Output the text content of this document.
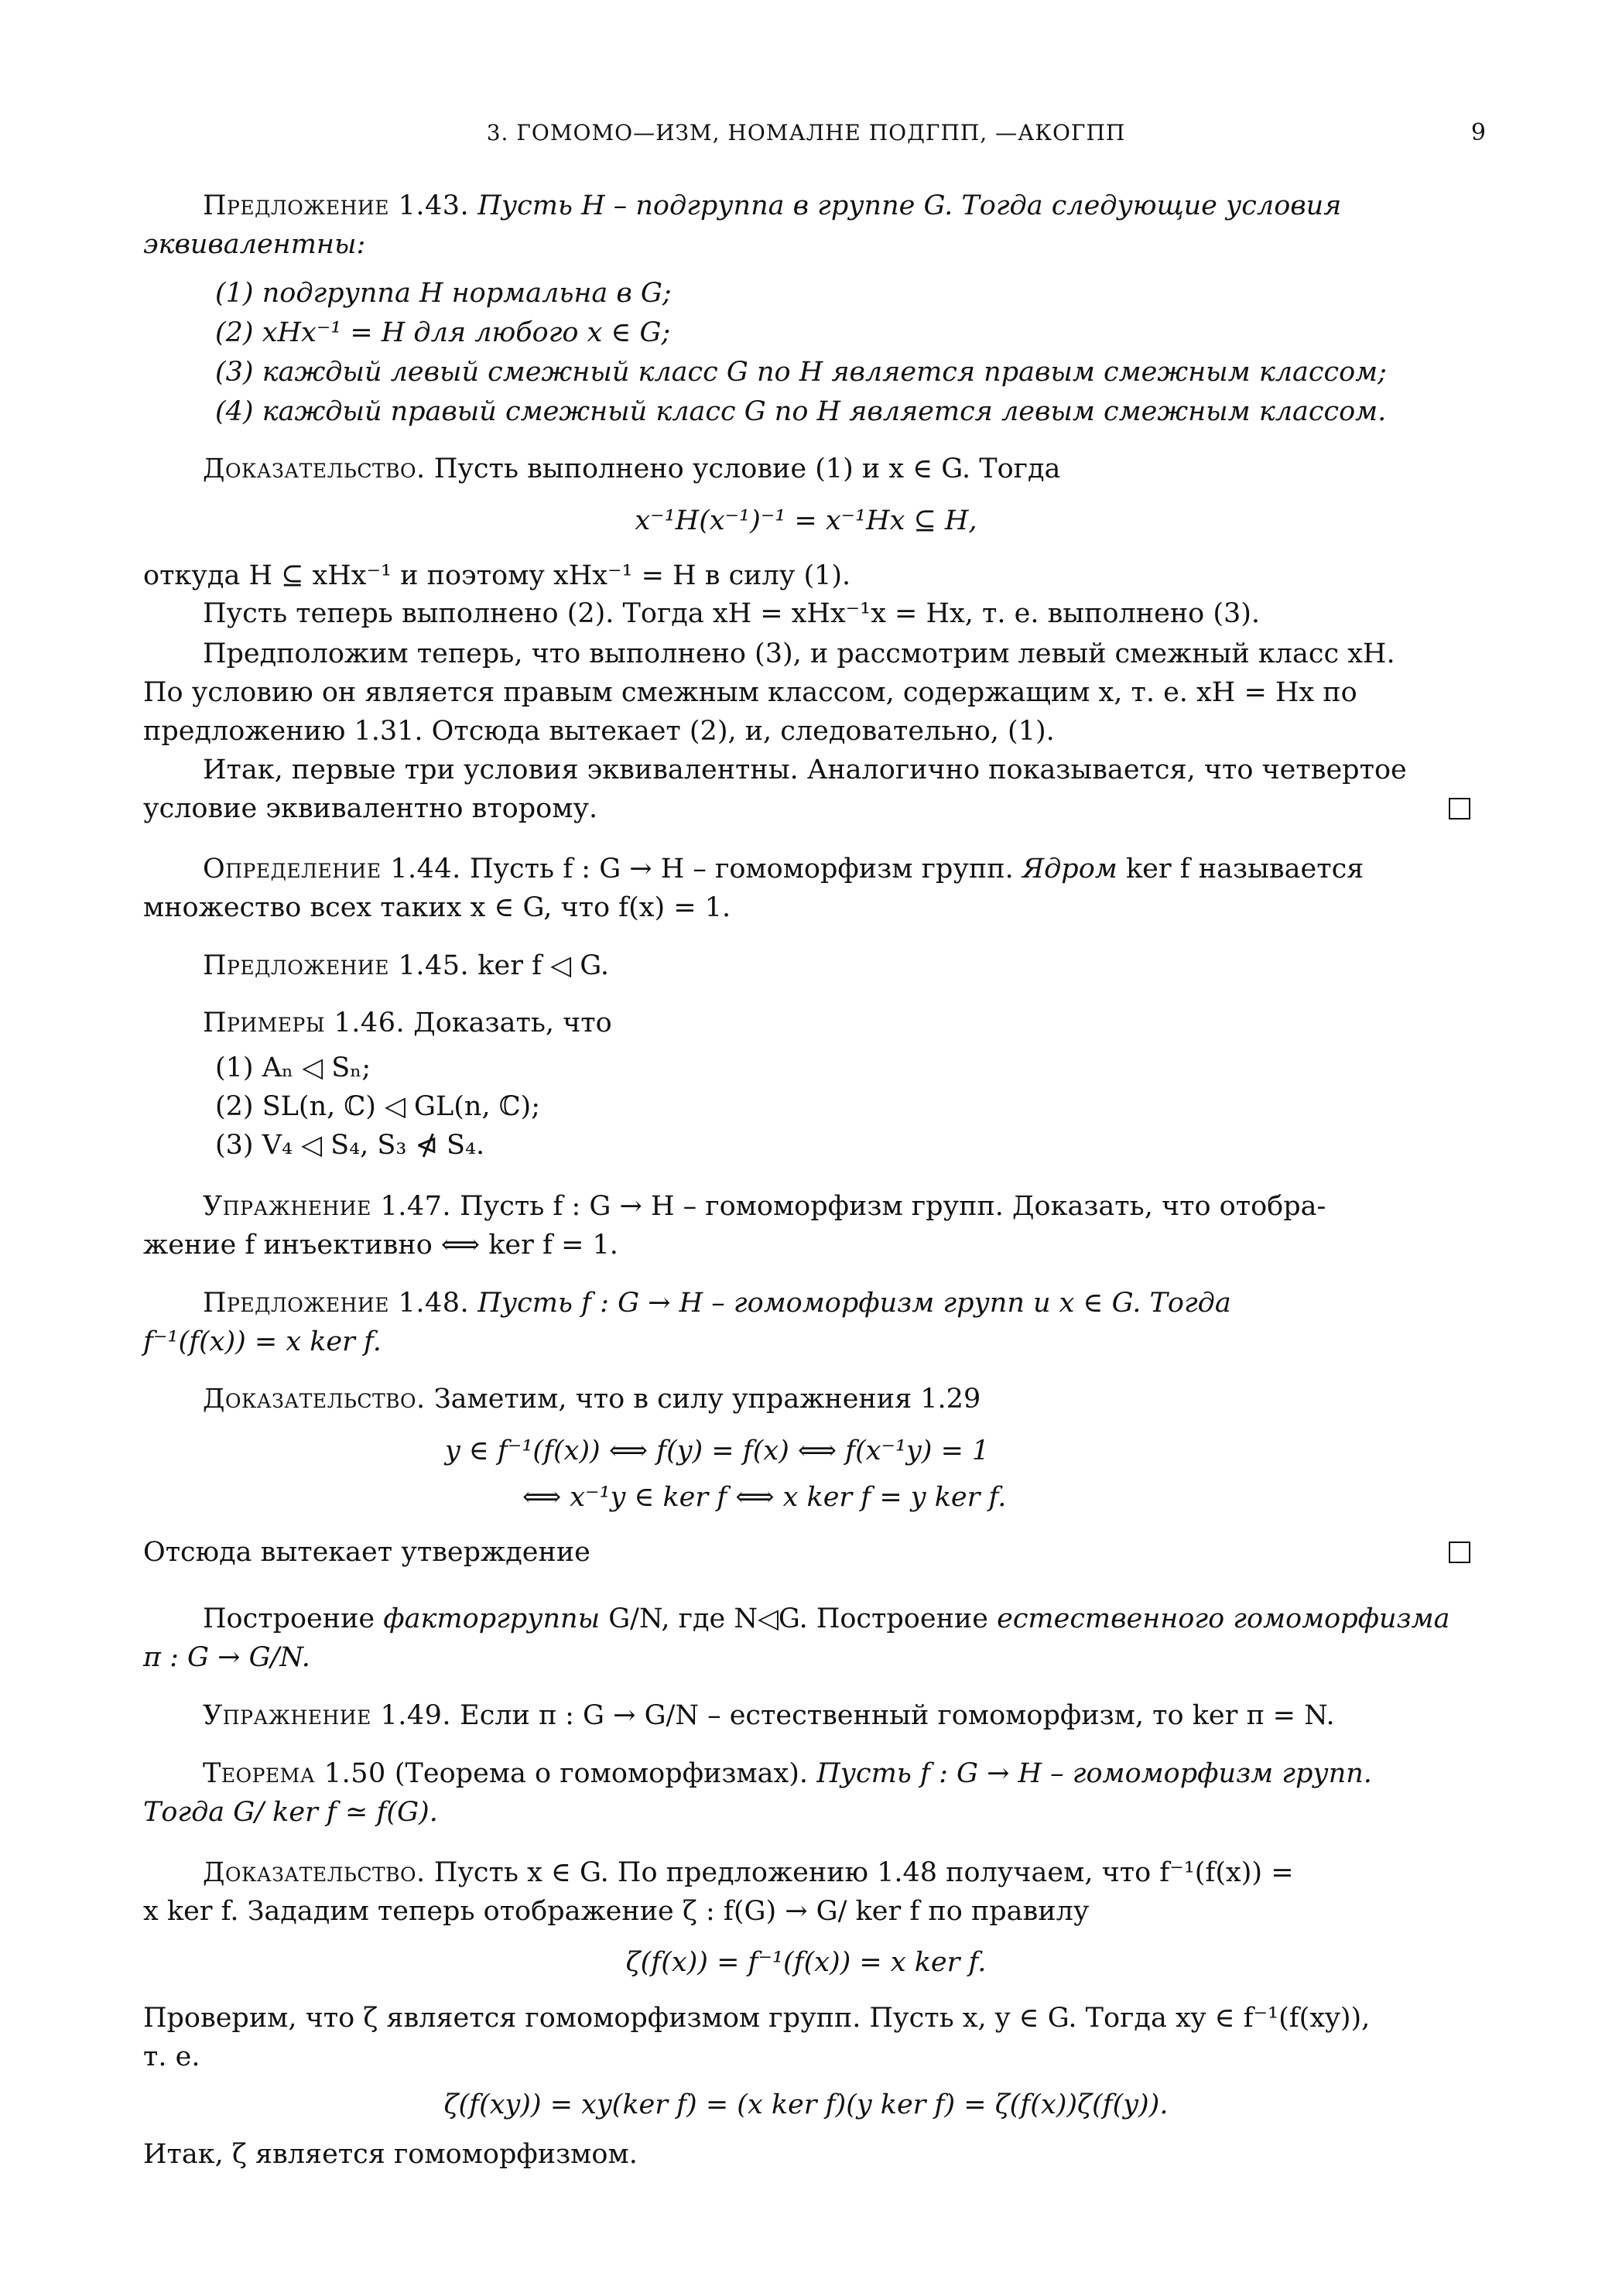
3. ГОМОМО—ИЗМ, НОМАЛНЕ ПОДГПП, —АКОГПП	9
Предложение 1.43. Пусть H – подгруппа в группе G. Тогда следующие условия
эквивалентны:
(1) подгруппа H нормальна в G;
(2) xHx⁻¹ = H для любого x ∈ G;
(3) каждый левый смежный класс G по H является правым смежным классом;
(4) каждый правый смежный класс G по H является левым смежным классом.
Доказательство. Пусть выполнено условие (1) и x ∈ G. Тогда
x⁻¹H(x⁻¹)⁻¹ = x⁻¹Hx ⊆ H,
откуда H ⊆ xHx⁻¹ и поэтому xHx⁻¹ = H в силу (1).
Пусть теперь выполнено (2). Тогда xH = xHx⁻¹x = Hx, т. е. выполнено (3).
Предположим теперь, что выполнено (3), и рассмотрим левый смежный класс xH.
По условию он является правым смежным классом, содержащим x, т. е. xH = Hx по
предложению 1.31. Отсюда вытекает (2), и, следовательно, (1).
Итак, первые три условия эквивалентны. Аналогично показывается, что четвертое
условие эквивалентно второму.
Определение 1.44. Пусть f : G → H – гомоморфизм групп. Ядром ker f называется
множество всех таких x ∈ G, что f(x) = 1.
Предложение 1.45. ker f ◁ G.
Примеры 1.46. Доказать, что
(1) Aₙ ◁ Sₙ;
(2) SL(n, ℂ) ◁ GL(n, ℂ);
(3) V₄ ◁ S₄, S₃ ⋪ S₄.
Упражнение 1.47. Пусть f : G → H – гомоморфизм групп. Доказать, что отобра-
жение f инъективно ⟺ ker f = 1.
Предложение 1.48. Пусть f : G → H – гомоморфизм групп и x ∈ G. Тогда
f⁻¹(f(x)) = x ker f.
Доказательство. Заметим, что в силу упражнения 1.29
y ∈ f⁻¹(f(x)) ⟺ f(y) = f(x) ⟺ f(x⁻¹y) = 1
⟺ x⁻¹y ∈ ker f ⟺ x ker f = y ker f.
Отсюда вытекает утверждение
Построение факторгруппы G/N, где N◁G. Построение естественного гомоморфизма
π : G → G/N.
Упражнение 1.49. Если π : G → G/N – естественный гомоморфизм, то ker π = N.
Теорема 1.50 (Теорема о гомоморфизмах). Пусть f : G → H – гомоморфизм групп.
Тогда G/ ker f ≃ f(G).
Доказательство. Пусть x ∈ G. По предложению 1.48 получаем, что f⁻¹(f(x)) =
x ker f. Зададим теперь отображение ζ : f(G) → G/ ker f по правилу
ζ(f(x)) = f⁻¹(f(x)) = x ker f.
Проверим, что ζ является гомоморфизмом групп. Пусть x, y ∈ G. Тогда xy ∈ f⁻¹(f(xy)),
т. е.
ζ(f(xy)) = xy(ker f) = (x ker f)(y ker f) = ζ(f(x))ζ(f(y)).
Итак, ζ является гомоморфизмом.
